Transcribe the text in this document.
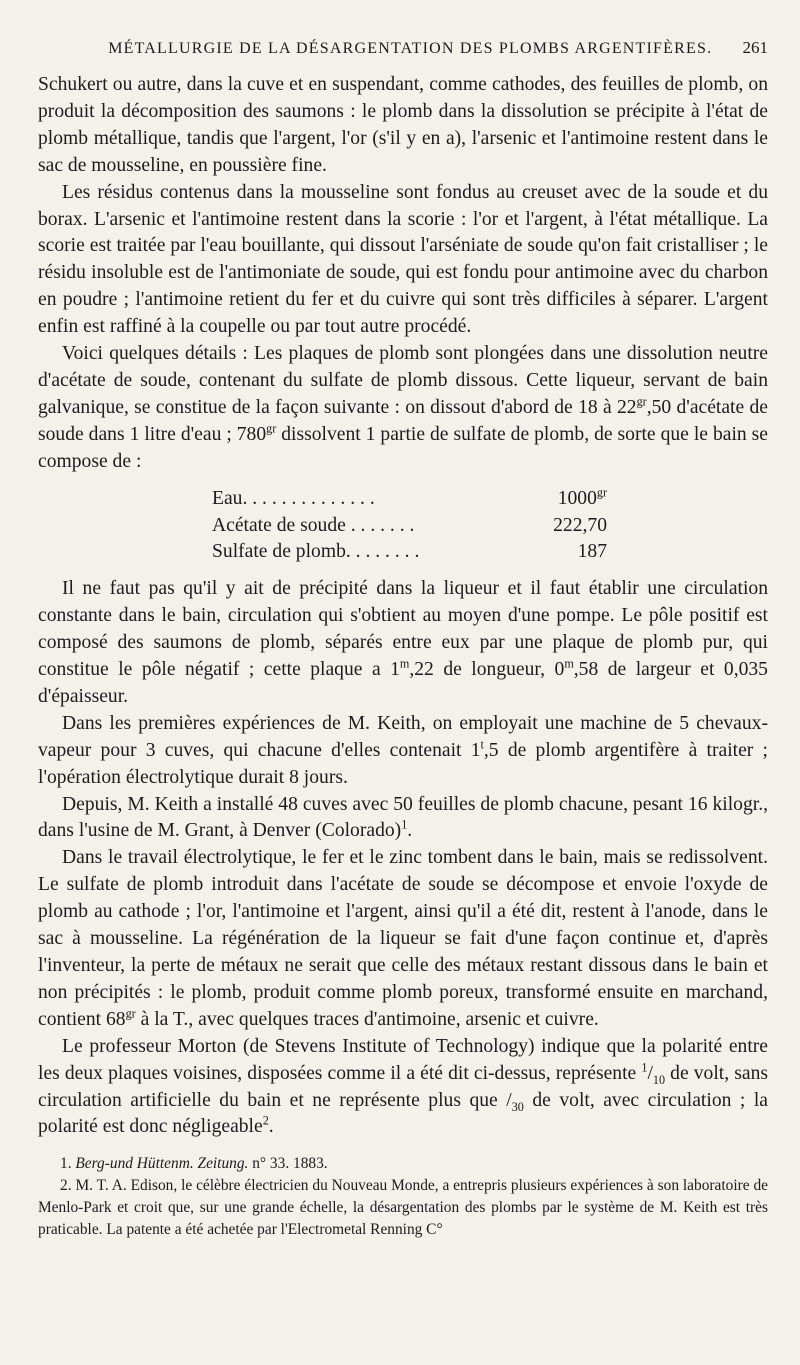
MÉTALLURGIE DE LA DÉSARGENTATION DES PLOMBS ARGENTIFÈRES.	261

Schukert ou autre, dans la cuve et en suspendant, comme cathodes, des feuilles de plomb, on produit la décomposition des saumons : le plomb dans la dissolution se précipite à l'état de plomb métallique, tandis que l'argent, l'or (s'il y en a), l'arsenic et l'antimoine restent dans le sac de mousseline, en poussière fine.

Les résidus contenus dans la mousseline sont fondus au creuset avec de la soude et du borax. L'arsenic et l'antimoine restent dans la scorie : l'or et l'argent, à l'état métallique. La scorie est traitée par l'eau bouillante, qui dissout l'arséniate de soude qu'on fait cristalliser ; le résidu insoluble est de l'antimoniate de soude, qui est fondu pour antimoine avec du charbon en poudre ; l'antimoine retient du fer et du cuivre qui sont très difficiles à séparer. L'argent enfin est raffiné à la coupelle ou par tout autre procédé.

Voici quelques détails : Les plaques de plomb sont plongées dans une dissolution neutre d'acétate de soude, contenant du sulfate de plomb dissous. Cette liqueur, servant de bain galvanique, se constitue de la façon suivante : on dissout d'abord de 18 à $22^{gr},50$ d'acétate de soude dans 1 litre d'eau ; $780^{gr}$ dissolvent 1 partie de sulfate de plomb, de sorte que le bain se compose de :

Eau. . . . . . . . . . . . . .	$1000^{gr}$
Acétate de soude . . . . . . .	222,70
Sulfate de plomb. . . . . . . .	187

Il ne faut pas qu'il y ait de précipité dans la liqueur et il faut établir une circulation constante dans le bain, circulation qui s'obtient au moyen d'une pompe. Le pôle positif est composé des saumons de plomb, séparés entre eux par une plaque de plomb pur, qui constitue le pôle négatif ; cette plaque a 1$^m$,22 de longueur, 0$^m$,58 de largeur et 0,035 d'épaisseur.

Dans les premières expériences de M. Keith, on employait une machine de 5 chevaux-vapeur pour 3 cuves, qui chacune d'elles contenait 1$^t$,5 de plomb argentifère à traiter ; l'opération électrolytique durait 8 jours.

Depuis, M. Keith a installé 48 cuves avec 50 feuilles de plomb chacune, pesant 16 kilogr., dans l'usine de M. Grant, à Denver (Colorado)$^1$.

Dans le travail électrolytique, le fer et le zinc tombent dans le bain, mais se redissolvent. Le sulfate de plomb introduit dans l'acétate de soude se décompose et envoie l'oxyde de plomb au cathode ; l'or, l'antimoine et l'argent, ainsi qu'il a été dit, restent à l'anode, dans le sac à mousseline. La régénération de la liqueur se fait d'une façon continue et, d'après l'inventeur, la perte de métaux ne serait que celle des métaux restant dissous dans le bain et non précipités : le plomb, produit comme plomb poreux, transformé ensuite en marchand, contient $68^{gr}$ à la T., avec quelques traces d'antimoine, arsenic et cuivre.

Le professeur Morton (de Stevens Institute of Technology) indique que la polarité entre les deux plaques voisines, disposées comme il a été dit ci-dessus, représente $^1/_{10}$ de volt, sans circulation artificielle du bain et ne représente plus que $/_{30}$ de volt, avec circulation ; la polarité est donc négligeable$^2$.

1. Berg-und Hüttenm. Zeitung. n° 33. 1883.

2. M. T. A. Edison, le célèbre électricien du Nouveau Monde, a entrepris plusieurs expériences à son laboratoire de Menlo-Park et croit que, sur une grande échelle, la désargentation des plombs par le système de M. Keith est très praticable. La patente a été achetée par l'Electrometal Renning C°
